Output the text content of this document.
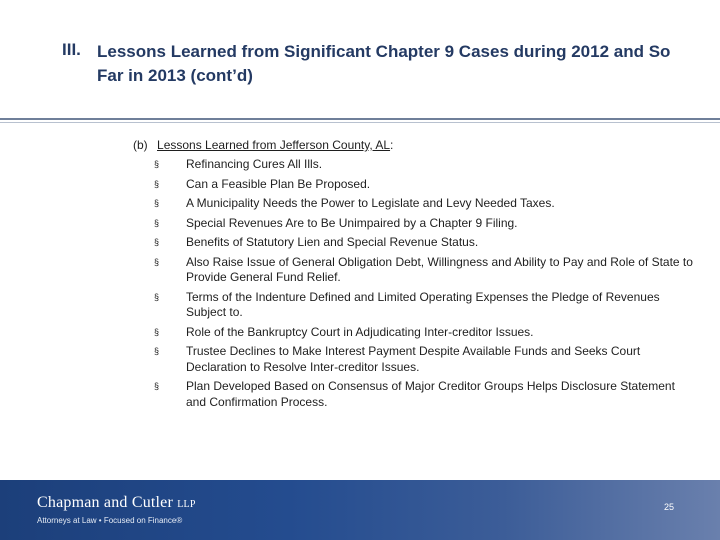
III. Lessons Learned from Significant Chapter 9 Cases during 2012 and So Far in 2013 (cont’d)
(b) Lessons Learned from Jefferson County, AL:
§ Refinancing Cures All Ills.
§ Can a Feasible Plan Be Proposed.
§ A Municipality Needs the Power to Legislate and Levy Needed Taxes.
§ Special Revenues Are to Be Unimpaired by a Chapter 9 Filing.
§ Benefits of Statutory Lien and Special Revenue Status.
§ Also Raise Issue of General Obligation Debt, Willingness and Ability to Pay and Role of State to Provide General Fund Relief.
§ Terms of the Indenture Defined and Limited Operating Expenses the Pledge of Revenues Subject to.
§ Role of the Bankruptcy Court in Adjudicating Inter-creditor Issues.
§ Trustee Declines to Make Interest Payment Despite Available Funds and Seeks Court Declaration to Resolve Inter-creditor Issues.
§ Plan Developed Based on Consensus of Major Creditor Groups Helps Disclosure Statement and Confirmation Process.
Chapman and Cutler LLP
Attorneys at Law • Focused on Finance®
25
